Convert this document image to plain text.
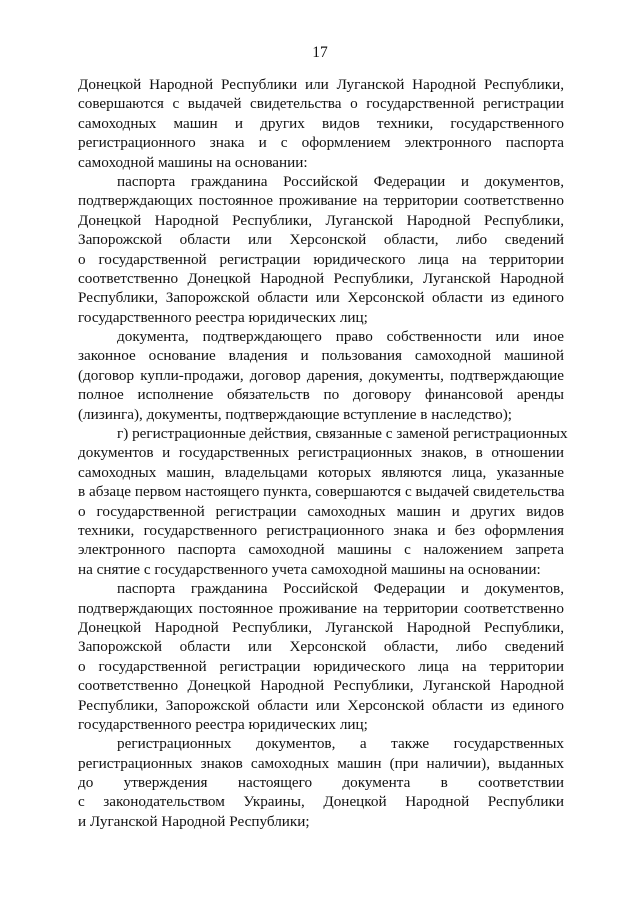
17
Донецкой Народной Республики или Луганской Народной Республики,
совершаются с выдачей свидетельства о государственной регистрации
самоходных машин и других видов техники, государственного
регистрационного знака и с оформлением электронного паспорта
самоходной машины на основании:
паспорта гражданина Российской Федерации и документов,
подтверждающих постоянное проживание на территории соответственно
Донецкой Народной Республики, Луганской Народной Республики,
Запорожской области или Херсонской области, либо сведений
о государственной регистрации юридического лица на территории
соответственно Донецкой Народной Республики, Луганской Народной
Республики, Запорожской области или Херсонской области из единого
государственного реестра юридических лиц;
документа, подтверждающего право собственности или иное
законное основание владения и пользования самоходной машиной
(договор купли-продажи, договор дарения, документы, подтверждающие
полное исполнение обязательств по договору финансовой аренды
(лизинга), документы, подтверждающие вступление в наследство);
г) регистрационные действия, связанные с заменой регистрационных
документов и государственных регистрационных знаков, в отношении
самоходных машин, владельцами которых являются лица, указанные
в абзаце первом настоящего пункта, совершаются с выдачей свидетельства
о государственной регистрации самоходных машин и других видов
техники, государственного регистрационного знака и без оформления
электронного паспорта самоходной машины с наложением запрета
на снятие с государственного учета самоходной машины на основании:
паспорта гражданина Российской Федерации и документов,
подтверждающих постоянное проживание на территории соответственно
Донецкой Народной Республики, Луганской Народной Республики,
Запорожской области или Херсонской области, либо сведений
о государственной регистрации юридического лица на территории
соответственно Донецкой Народной Республики, Луганской Народной
Республики, Запорожской области или Херсонской области из единого
государственного реестра юридических лиц;
регистрационных документов, а также государственных
регистрационных знаков самоходных машин (при наличии), выданных
до утверждения настоящего документа в соответствии
с законодательством Украины, Донецкой Народной Республики
и Луганской Народной Республики;
